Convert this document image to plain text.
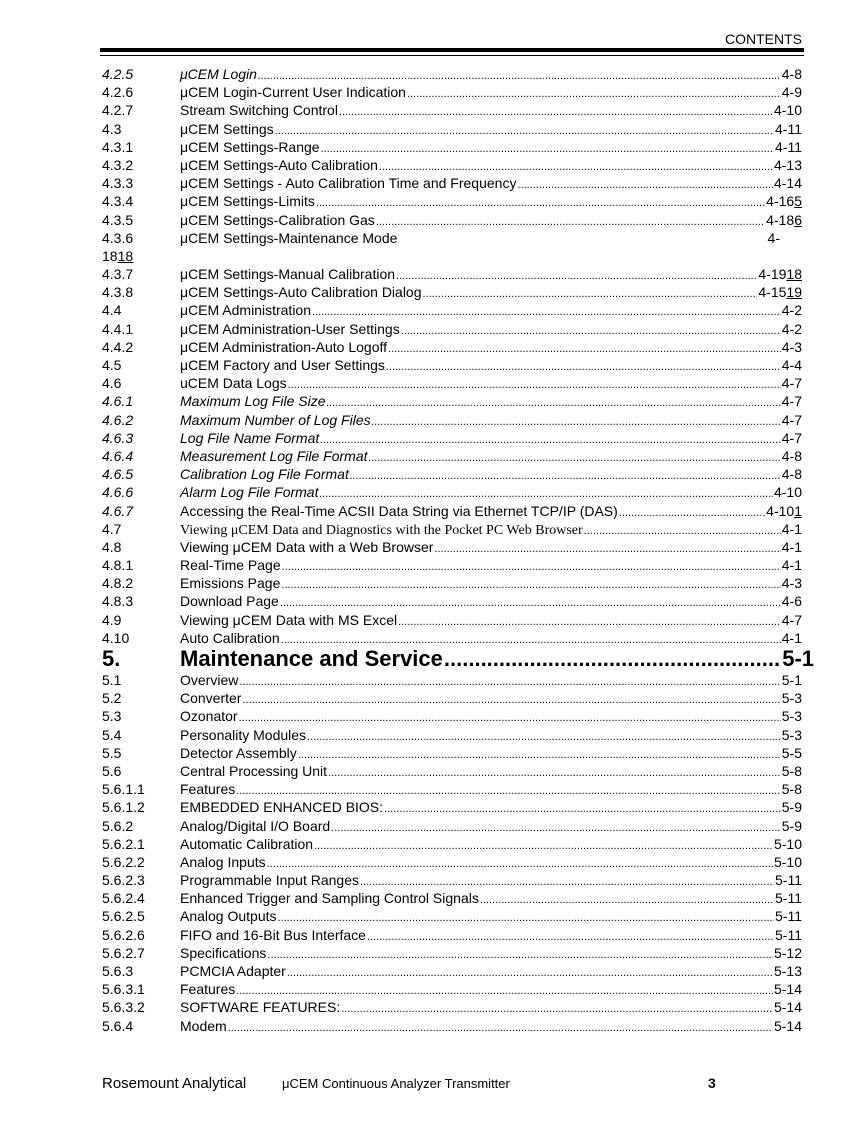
CONTENTS
4.2.5	μCEM Login .....	4-8
4.2.6	μCEM Login-Current User Indication .....	4-9
4.2.7	Stream Switching Control .....	4-10
4.3	μCEM Settings .....	4-11
4.3.1	μCEM Settings-Range .....	4-11
4.3.2	μCEM Settings-Auto Calibration .....	4-13
4.3.3	μCEM Settings - Auto Calibration Time and Frequency .....	4-14
4.3.4	μCEM Settings-Limits .....	4-165
4.3.5	μCEM Settings-Calibration Gas .....	4-186
4.3.6	μCEM Settings-Maintenance Mode	4-
1818
4.3.7	μCEM Settings-Manual Calibration .....	4-1918
4.3.8	μCEM Settings-Auto Calibration Dialog .....	4-1519
4.4	μCEM Administration .....	4-2
4.4.1	μCEM Administration-User Settings .....	4-2
4.4.2	μCEM Administration-Auto Logoff .....	4-3
4.5	μCEM Factory and User Settings .....	4-4
4.6	uCEM Data Logs .....	4-7
4.6.1	Maximum Log File Size .....	4-7
4.6.2	Maximum Number of Log Files .....	4-7
4.6.3	Log File Name Format .....	4-7
4.6.4	Measurement Log File Format .....	4-8
4.6.5	Calibration Log File Format .....	4-8
4.6.6	Alarm Log File Format .....	4-10
4.6.7	Accessing the Real-Time ACSII Data String via Ethernet TCP/IP (DAS) .....	4-101
4.7	Viewing μCEM Data and Diagnostics with the Pocket PC Web Browser .....	4-1
4.8	Viewing μCEM Data with a Web Browser .....	4-1
4.8.1	Real-Time Page .....	4-1
4.8.2	Emissions Page .....	4-3
4.8.3	Download Page .....	4-6
4.9	Viewing μCEM Data with MS Excel .....	4-7
4.10	Auto Calibration .....	4-1
5.	Maintenance and Service .....	5-1
5.1	Overview .....	5-1
5.2	Converter .....	5-3
5.3	Ozonator .....	5-3
5.4	Personality Modules .....	5-3
5.5	Detector Assembly .....	5-5
5.6	Central Processing Unit .....	5-8
5.6.1.1	Features .....	5-8
5.6.1.2	EMBEDDED ENHANCED BIOS: .....	5-9
5.6.2	Analog/Digital I/O Board .....	5-9
5.6.2.1	Automatic Calibration .....	5-10
5.6.2.2	Analog Inputs .....	5-10
5.6.2.3	Programmable Input Ranges .....	5-11
5.6.2.4	Enhanced Trigger and Sampling Control Signals .....	5-11
5.6.2.5	Analog Outputs .....	5-11
5.6.2.6	FIFO and 16-Bit Bus Interface .....	5-11
5.6.2.7	Specifications .....	5-12
5.6.3	PCMCIA Adapter .....	5-13
5.6.3.1	Features .....	5-14
5.6.3.2	SOFTWARE FEATURES: .....	5-14
5.6.4	Modem .....	5-14
Rosemount Analytical	μCEM Continuous Analyzer Transmitter	3
